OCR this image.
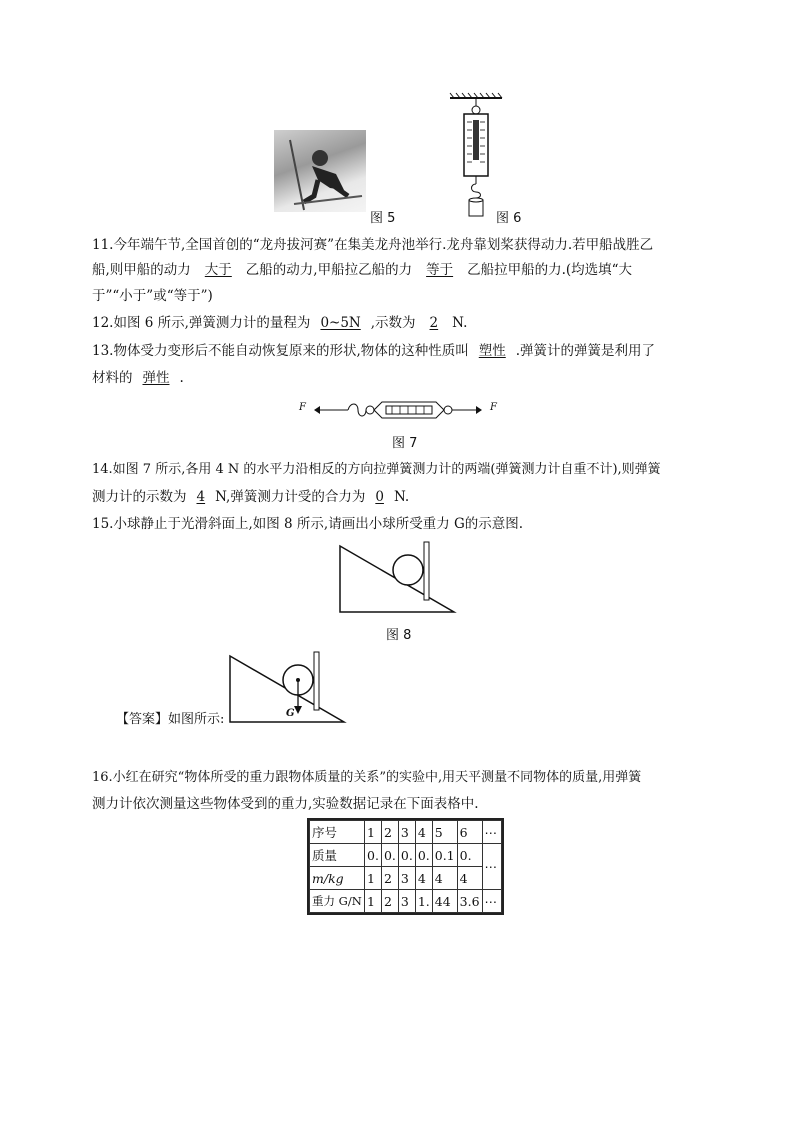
图 5	图 6
11.今年端午节,全国首创的“龙舟拔河赛”在集美龙舟池举行.龙舟靠划桨获得动力.若甲船战胜乙
船,则甲船的动力 大于 乙船的动力,甲船拉乙船的力 等于 乙船拉甲船的力.(均选填“大
于”“小于”或“等于”)
12.如图 6 所示,弹簧测力计的量程为 0~5N ,示数为 2 N.
13.物体受力变形后不能自动恢复原来的形状,物体的这种性质叫 塑性 .弹簧计的弹簧是利用了
材料的 弹性 .
F	F
图 7
14.如图 7 所示,各用 4 N 的水平力沿相反的方向拉弹簧测力计的两端(弹簧测力计自重不计),则弹簧
测力计的示数为 4 N,弹簧测力计受的合力为 0 N.
15.小球静止于光滑斜面上,如图 8 所示,请画出小球所受重力 G的示意图.
图 8
【答案】如图所示:	G
16.小红在研究“物体所受的重力跟物体质量的关系”的实验中,用天平测量不同物体的质量,用弹簧
测力计依次测量这些物体受到的重力,实验数据记录在下面表格中.
序号	1	2	3	4	5	6	⋯
质量	0.	0.	0.	0.	0.1	0.	⋯
m/kg	1	2	3	4	4	4	
重力 G/N	1	2	3	1.	44	3.6	⋯
